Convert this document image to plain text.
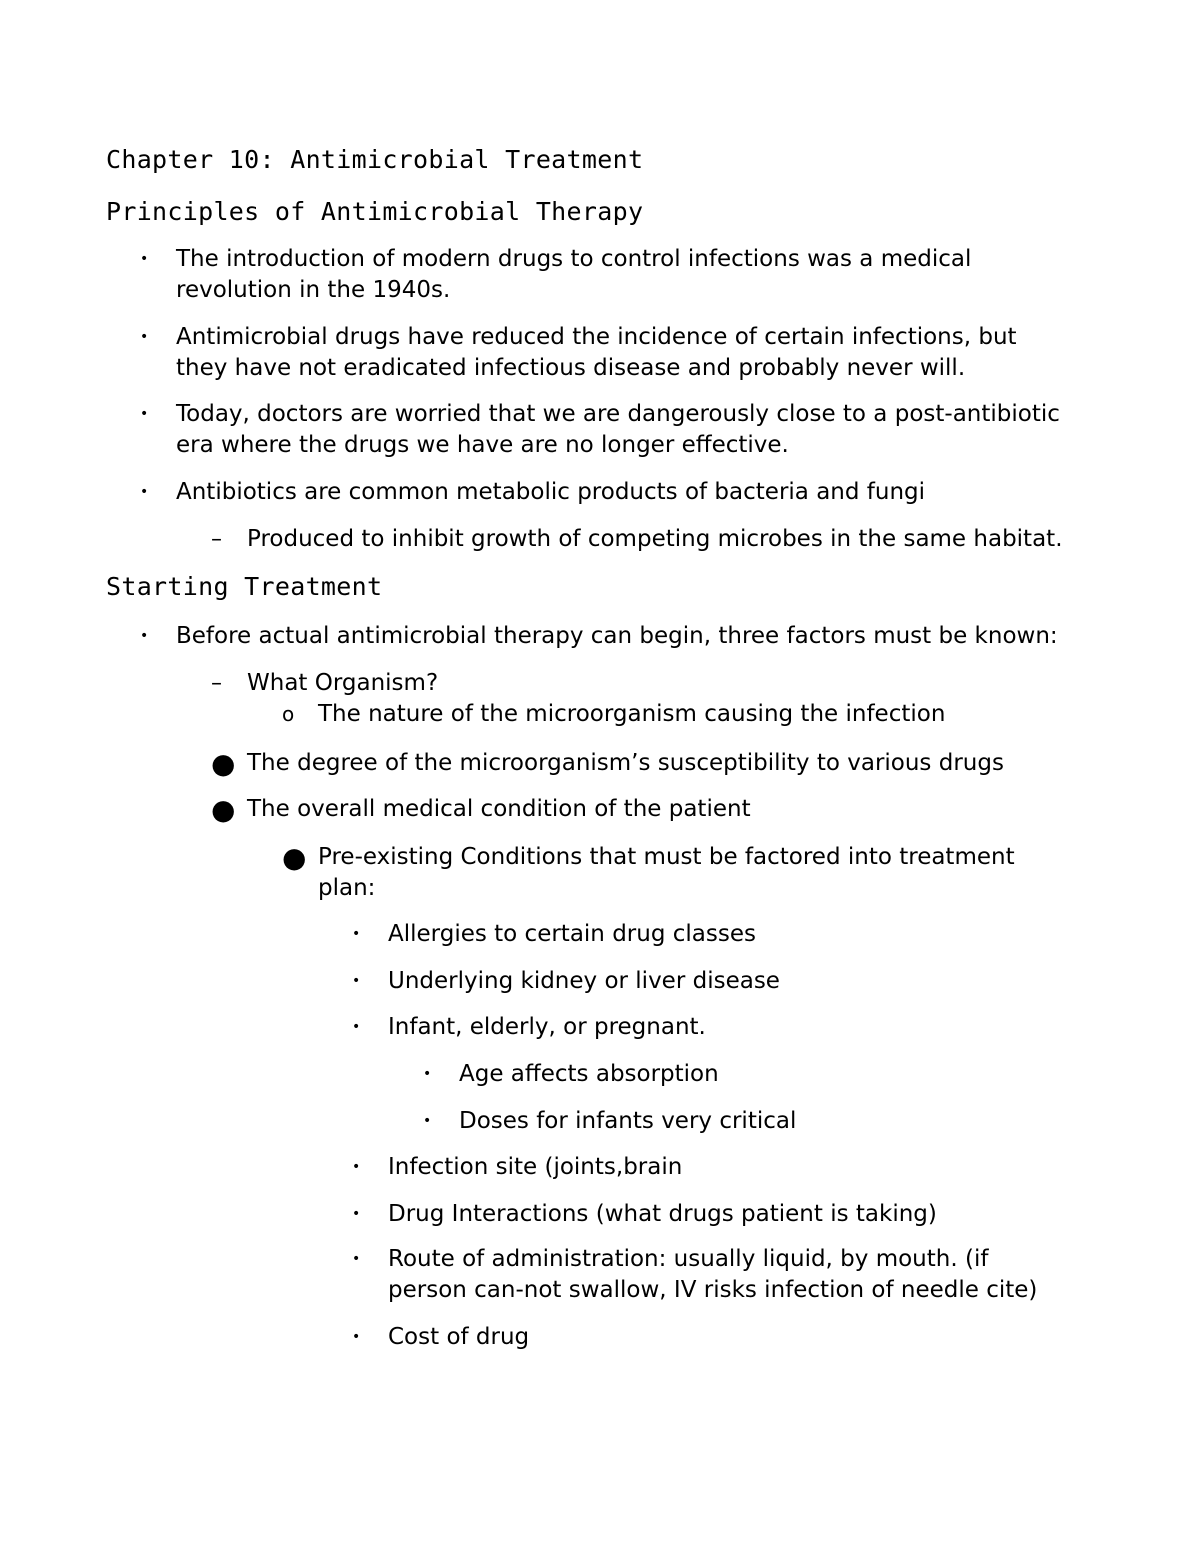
Chapter 10: Antimicrobial Treatment
Principles of Antimicrobial Therapy
• The introduction of modern drugs to control infections was a medical
revolution in the 1940s.
• Antimicrobial drugs have reduced the incidence of certain infections, but
they have not eradicated infectious disease and probably never will.
• Today, doctors are worried that we are dangerously close to a post-antibiotic
era where the drugs we have are no longer effective.
• Antibiotics are common metabolic products of bacteria and fungi
– Produced to inhibit growth of competing microbes in the same habitat.
Starting Treatment
• Before actual antimicrobial therapy can begin, three factors must be known:
– What Organism?
o The nature of the microorganism causing the infection
● The degree of the microorganism’s susceptibility to various drugs
● The overall medical condition of the patient
● Pre-existing Conditions that must be factored into treatment
plan:
• Allergies to certain drug classes
• Underlying kidney or liver disease
• Infant, elderly, or pregnant.
• Age affects absorption
• Doses for infants very critical
• Infection site (joints,brain
• Drug Interactions (what drugs patient is taking)
• Route of administration: usually liquid, by mouth. (if
person can-not swallow, IV risks infection of needle cite)
• Cost of drug
